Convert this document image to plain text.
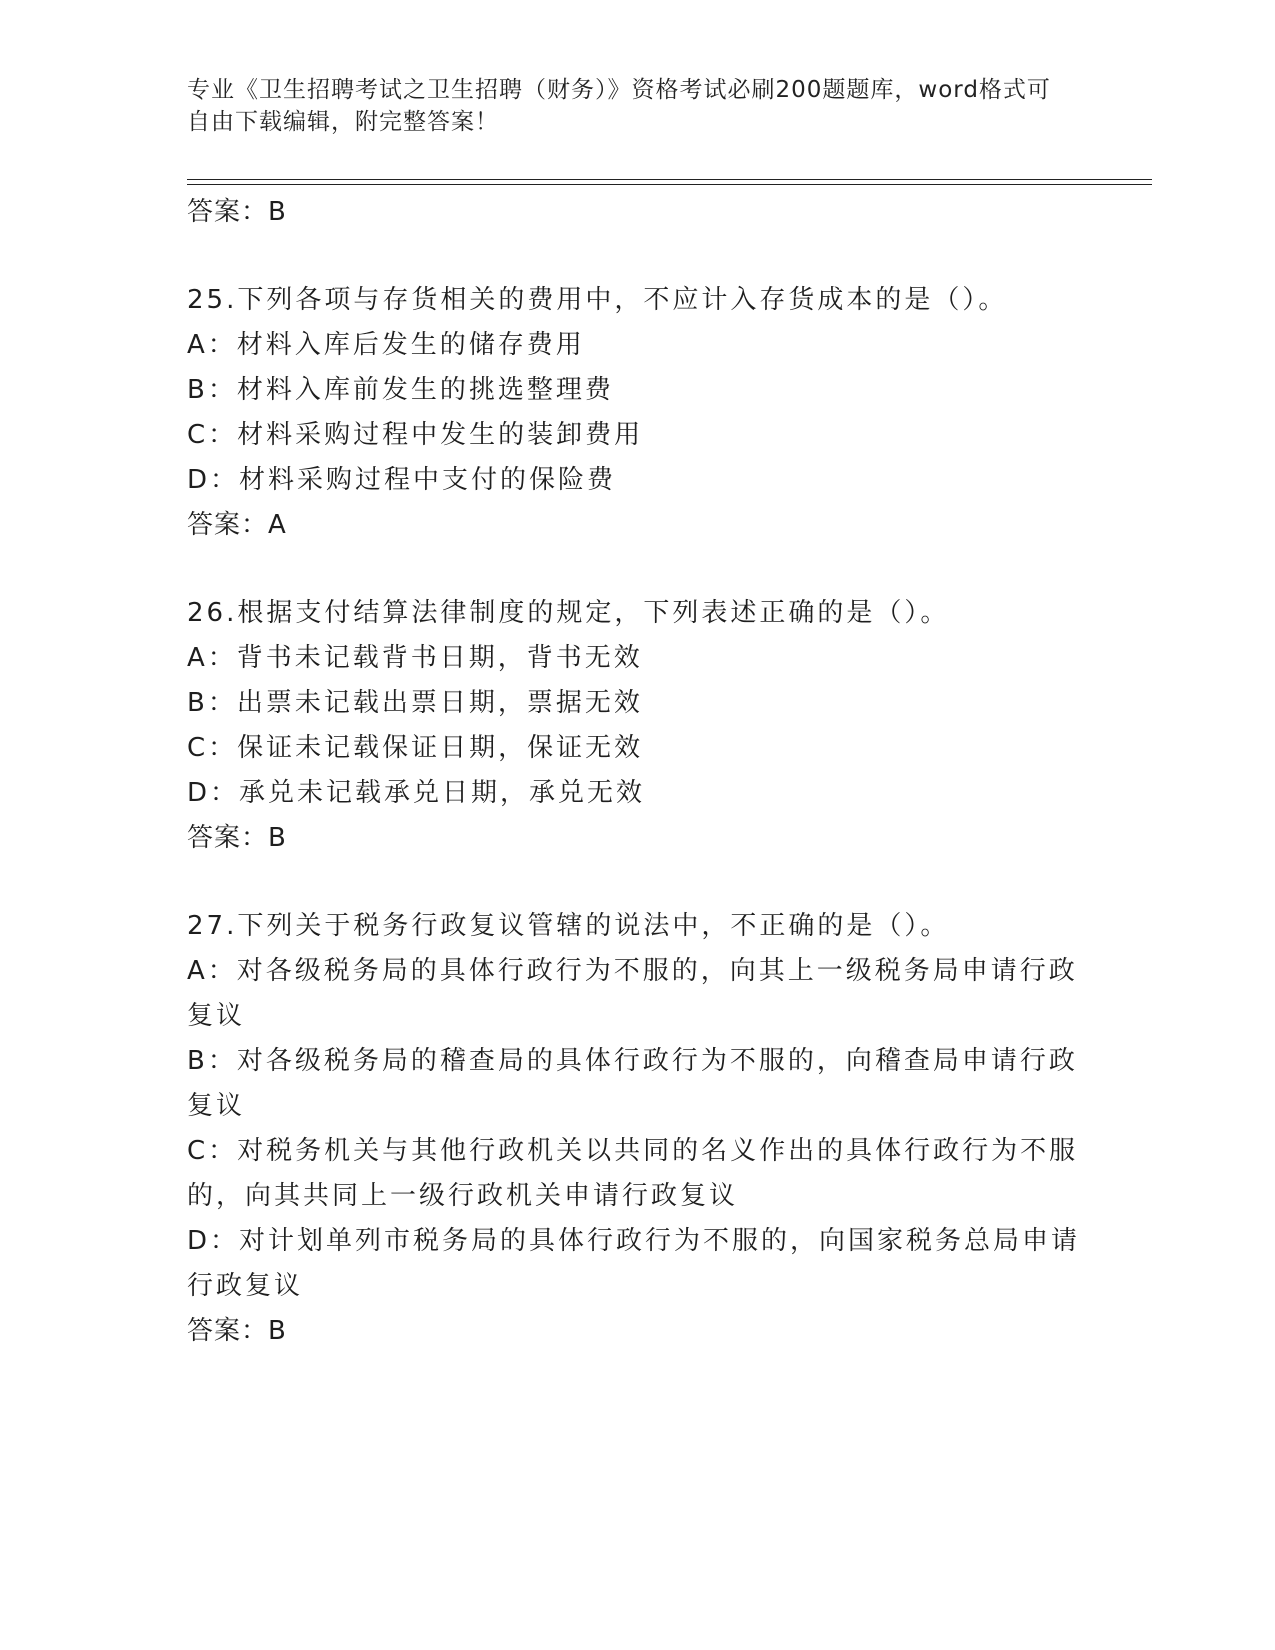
专业《卫生招聘考试之卫生招聘（财务）》资格考试必刷200题题库，word格式可自由下载编辑，附完整答案！

答案：B

25.下列各项与存货相关的费用中，不应计入存货成本的是（）。

A：材料入库后发生的储存费用

B：材料入库前发生的挑选整理费

C：材料采购过程中发生的装卸费用

D：材料采购过程中支付的保险费

答案：A

26.根据支付结算法律制度的规定，下列表述正确的是（）。

A：背书未记载背书日期，背书无效

B：出票未记载出票日期，票据无效

C：保证未记载保证日期，保证无效

D：承兑未记载承兑日期，承兑无效

答案：B

27.下列关于税务行政复议管辖的说法中，不正确的是（）。

A：对各级税务局的具体行政行为不服的，向其上一级税务局申请行政复议

B：对各级税务局的稽查局的具体行政行为不服的，向稽查局申请行政复议

C：对税务机关与其他行政机关以共同的名义作出的具体行政行为不服的，向其共同上一级行政机关申请行政复议

D：对计划单列市税务局的具体行政行为不服的，向国家税务总局申请行政复议

答案：B
